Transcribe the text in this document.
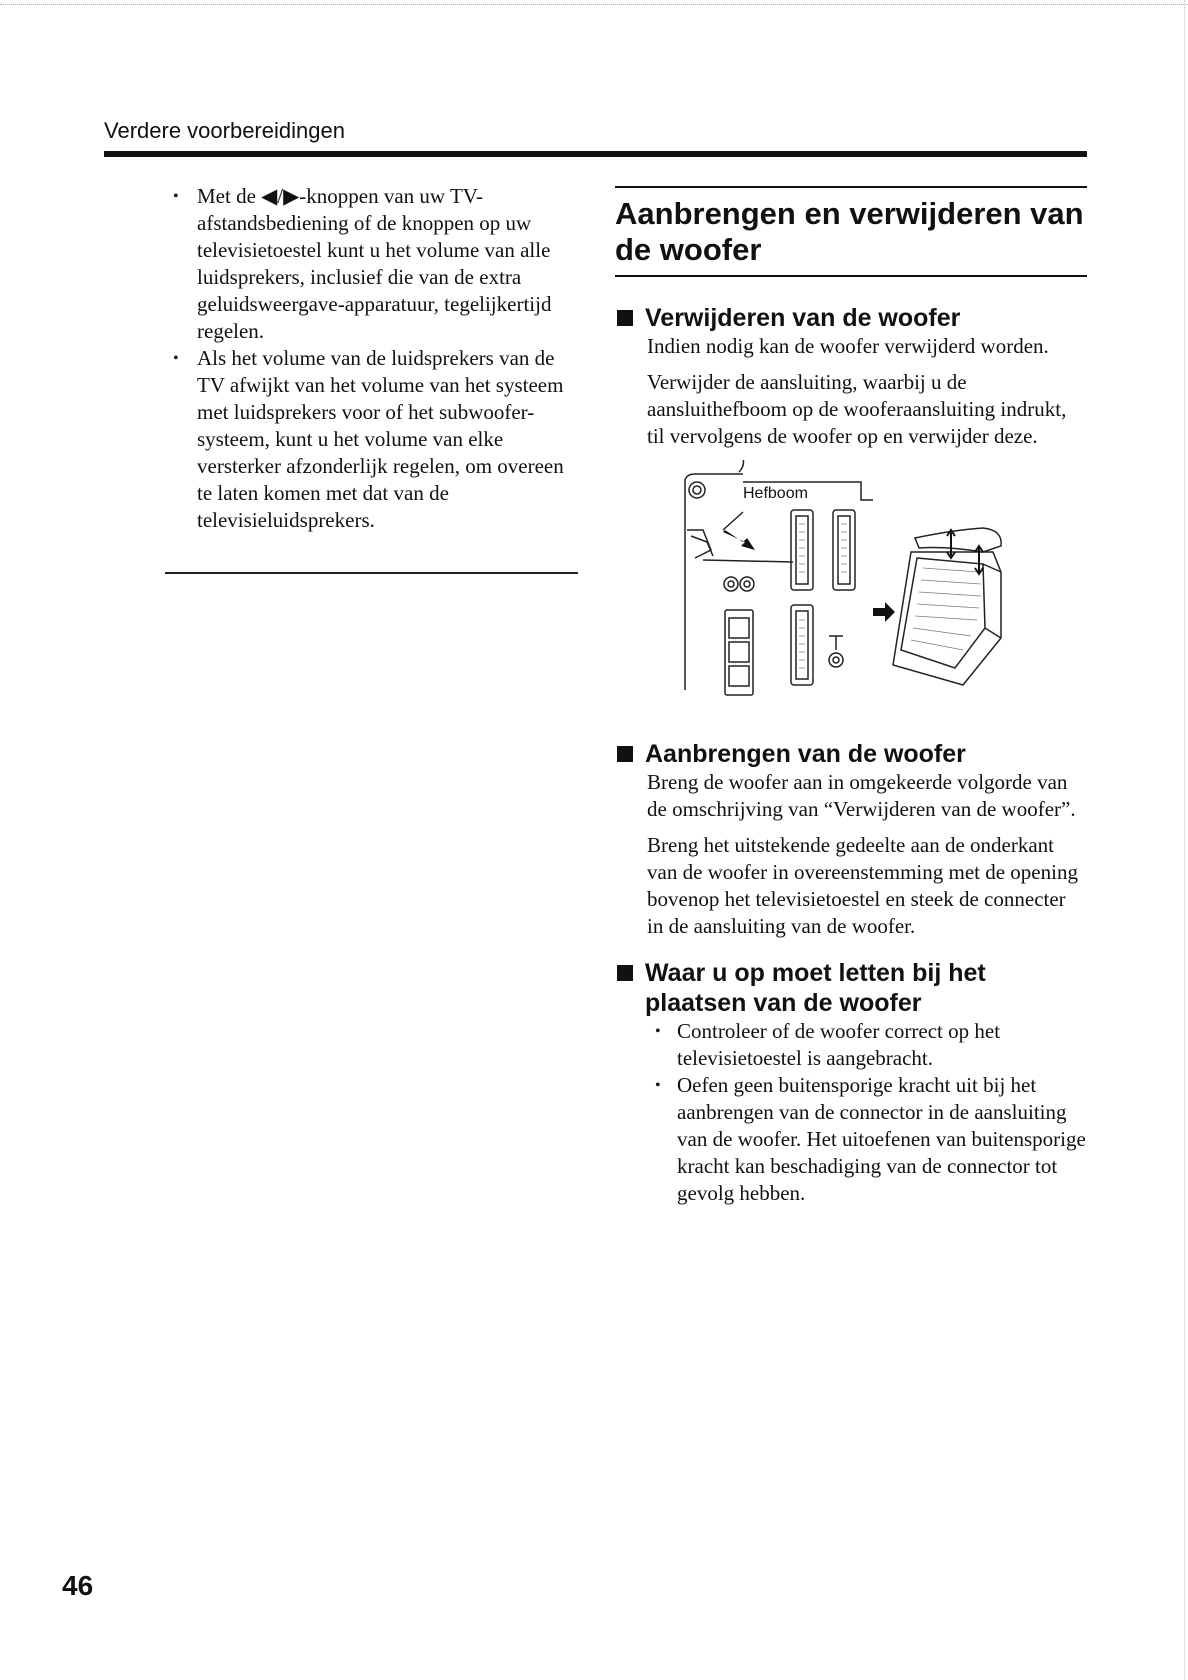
Verdere voorbereidingen
• Met de ◀/▶-knoppen van uw TV-afstandsbediening of de knoppen op uw televisietoestel kunt u het volume van alle luidsprekers, inclusief die van de extra geluidsweergave-apparatuur, tegelijkertijd regelen.
• Als het volume van de luidsprekers van de TV afwijkt van het volume van het systeem met luidsprekers voor of het subwoofer-systeem, kunt u het volume van elke versterker afzonderlijk regelen, om overeen te laten komen met dat van de televisieluidsprekers.
Aanbrengen en verwijderen van de woofer
Verwijderen van de woofer

Indien nodig kan de woofer verwijderd worden.

Verwijder de aansluiting, waarbij u de aansluithefboom op de wooferaansluiting indrukt, til vervolgens de woofer op en verwijder deze.

Hefboom
Aanbrengen van de woofer

Breng de woofer aan in omgekeerde volgorde van de omschrijving van “Verwijderen van de woofer”.

Breng het uitstekende gedeelte aan de onderkant van de woofer in overeenstemming met de opening bovenop het televisietoestel en steek de connecter in de aansluiting van de woofer.

Waar u op moet letten bij het plaatsen van de woofer
• Controleer of de woofer correct op het televisietoestel is aangebracht.
• Oefen geen buitensporige kracht uit bij het aanbrengen van de connector in de aansluiting van de woofer. Het uitoefenen van buitensporige kracht kan beschadiging van de connector tot gevolg hebben.
46
